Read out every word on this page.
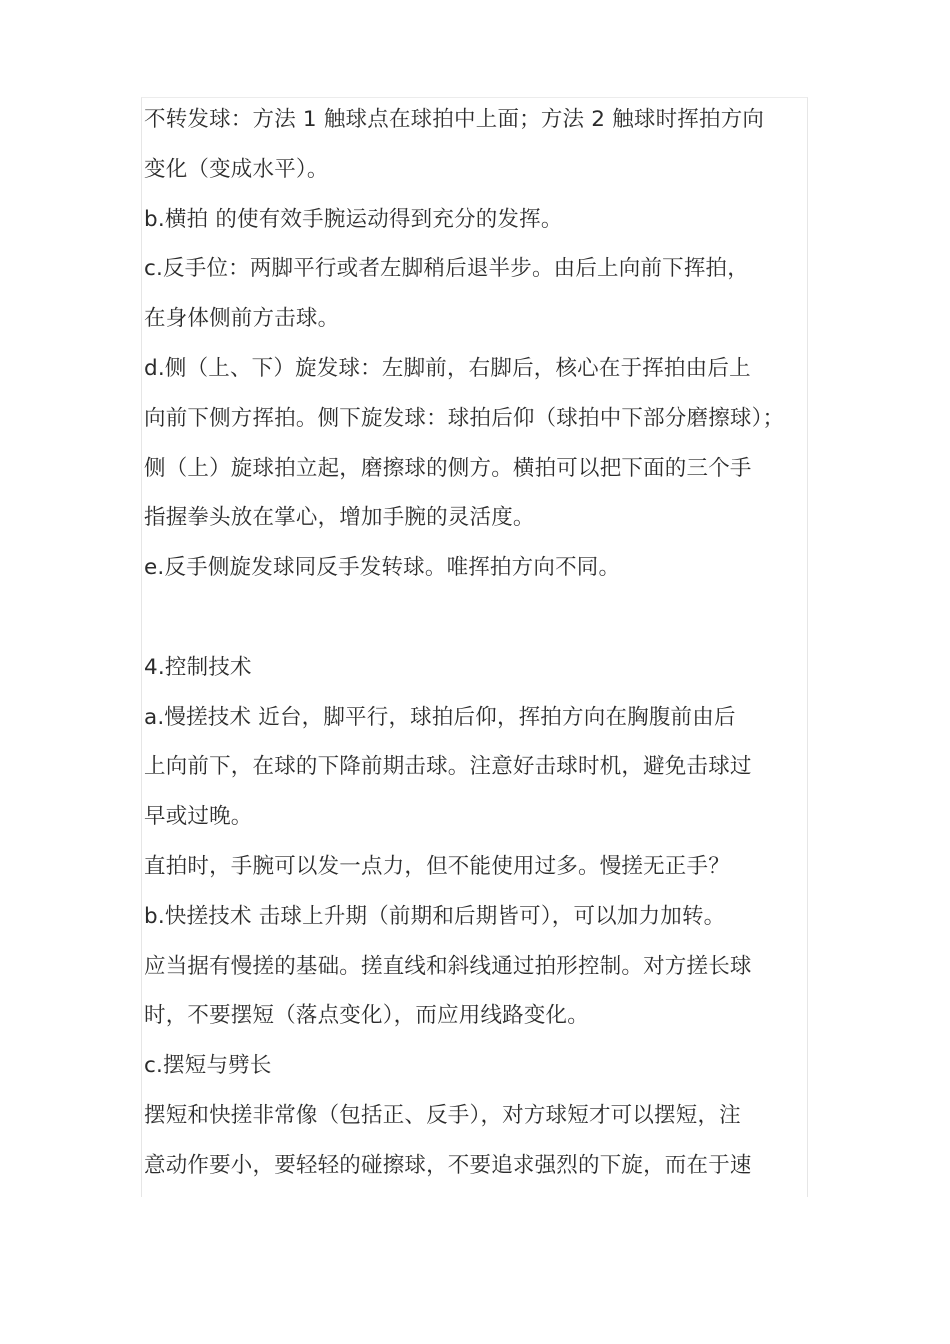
不转发球：方法 1 触球点在球拍中上面；方法 2 触球时挥拍方向
变化（变成水平）。
b.横拍 的使有效手腕运动得到充分的发挥。
c.反手位：两脚平行或者左脚稍后退半步。由后上向前下挥拍，
在身体侧前方击球。
d.侧（上、下）旋发球：左脚前，右脚后，核心在于挥拍由后上
向前下侧方挥拍。侧下旋发球：球拍后仰（球拍中下部分磨擦球）；
侧（上）旋球拍立起，磨擦球的侧方。横拍可以把下面的三个手
指握拳头放在掌心，增加手腕的灵活度。
e.反手侧旋发球同反手发转球。唯挥拍方向不同。
4.控制技术
a.慢搓技术 近台，脚平行，球拍后仰，挥拍方向在胸腹前由后
上向前下，在球的下降前期击球。注意好击球时机，避免击球过
早或过晚。
直拍时，手腕可以发一点力，但不能使用过多。慢搓无正手？
b.快搓技术 击球上升期（前期和后期皆可），可以加力加转。
应当据有慢搓的基础。搓直线和斜线通过拍形控制。对方搓长球
时，不要摆短（落点变化），而应用线路变化。
c.摆短与劈长
摆短和快搓非常像（包括正、反手），对方球短才可以摆短，注
意动作要小，要轻轻的碰擦球，不要追求强烈的下旋，而在于速
